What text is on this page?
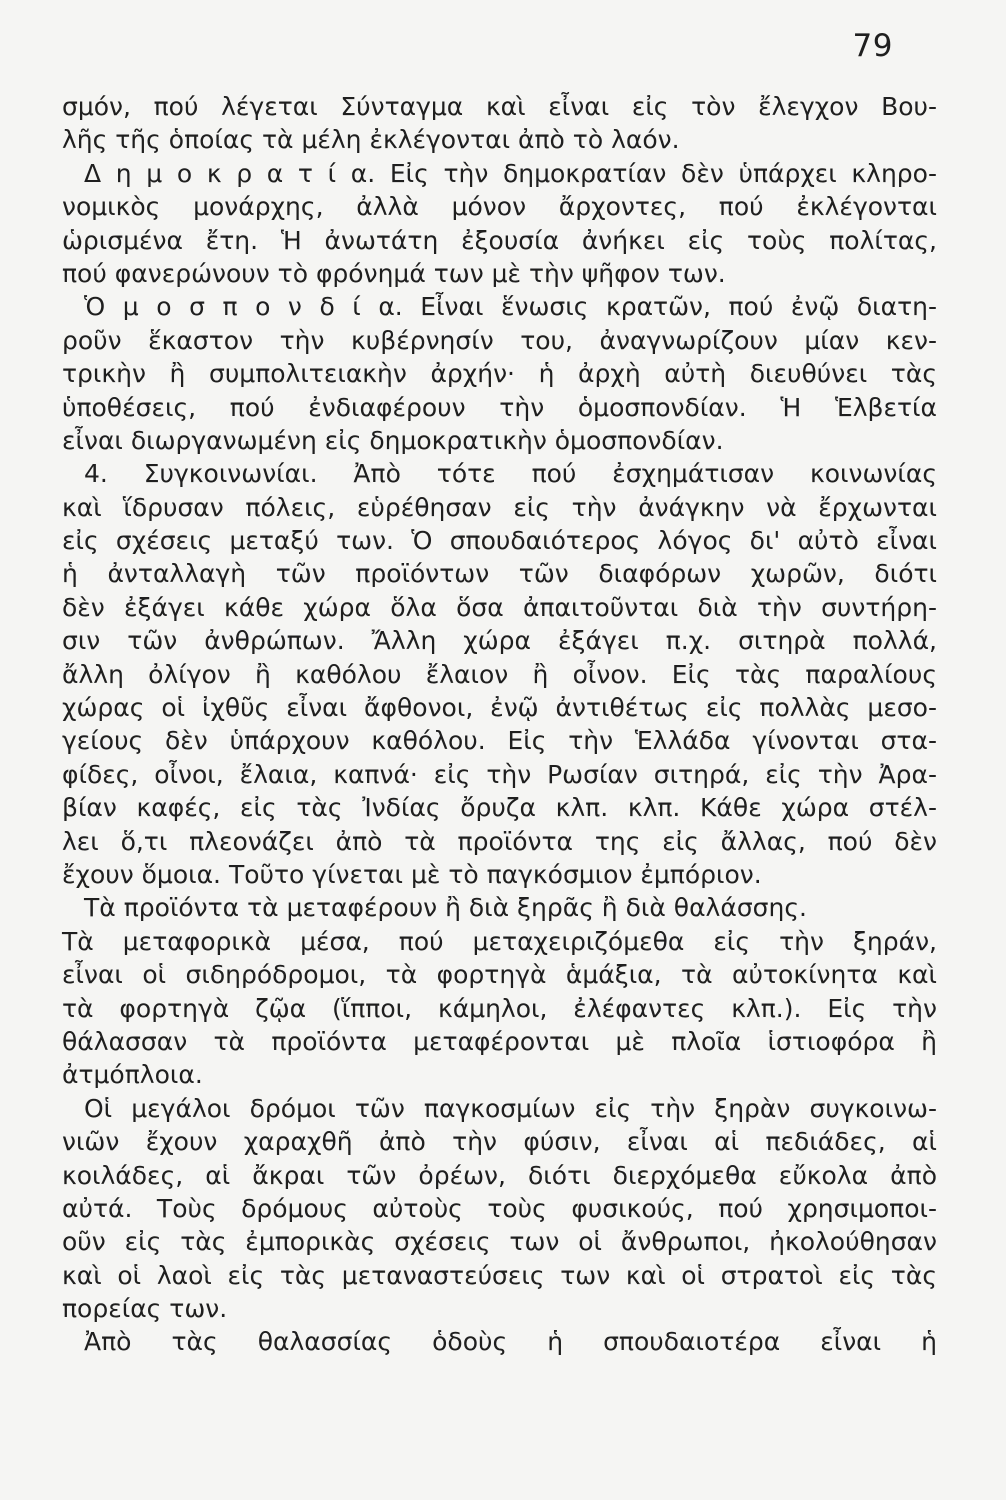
79
σμόν, πού λέγεται Σύνταγμα καὶ εἶναι εἰς τὸν ἔλεγχον Βου-
λῆς τῆς ὁποίας τὰ μέλη ἐκλέγονται ἀπὸ τὸ λαόν.
Δ η μ ο κ ρ α τ ί α. Εἰς τὴν δημοκρατίαν δὲν ὑπάρχει κληρο-
νομικὸς μονάρχης, ἀλλὰ μόνον ἄρχοντες, πού ἐκλέγονται
ὡρισμένα ἔτη. Ἡ ἀνωτάτη ἐξουσία ἀνήκει εἰς τοὺς πολίτας,
πού φανερώνουν τὸ φρόνημά των μὲ τὴν ψῆφον των.
Ὁ μ ο σ π ο ν δ ί α. Εἶναι ἕνωσις κρατῶν, πού ἐνῷ διατη-
ροῦν ἕκαστον τὴν κυβέρνησίν του, ἀναγνωρίζουν μίαν κεν-
τρικὴν ἢ συμπολιτειακὴν ἀρχήν· ἡ ἀρχὴ αὐτὴ διευθύνει τὰς
ὑποθέσεις, πού ἐνδιαφέρουν τὴν ὁμοσπονδίαν. Ἡ Ἑλβετία
εἶναι διωργανωμένη εἰς δημοκρατικὴν ὁμοσπονδίαν.
4. Συγκοινωνίαι. Ἀπὸ τότε πού ἐσχημάτισαν κοινωνίας
καὶ ἵδρυσαν πόλεις, εὑρέθησαν εἰς τὴν ἀνάγκην νὰ ἔρχωνται
εἰς σχέσεις μεταξύ των. Ὁ σπουδαιότερος λόγος δι' αὐτὸ εἶναι
ἡ ἀνταλλαγὴ τῶν προϊόντων τῶν διαφόρων χωρῶν, διότι
δὲν ἐξάγει κάθε χώρα ὅλα ὅσα ἀπαιτοῦνται διὰ τὴν συντήρη-
σιν τῶν ἀνθρώπων. Ἄλλη χώρα ἐξάγει π.χ. σιτηρὰ πολλά,
ἄλλη ὀλίγον ἢ καθόλου ἔλαιον ἢ οἶνον. Εἰς τὰς παραλίους
χώρας οἱ ἰχθῦς εἶναι ἄφθονοι, ἐνῷ ἀντιθέτως εἰς πολλὰς μεσο-
γείους δὲν ὑπάρχουν καθόλου. Εἰς τὴν Ἑλλάδα γίνονται στα-
φίδες, οἶνοι, ἔλαια, καπνά· εἰς τὴν Ρωσίαν σιτηρά, εἰς τὴν Ἀρα-
βίαν καφές, εἰς τὰς Ἰνδίας ὄρυζα κλπ. κλπ. Κάθε χώρα στέλ-
λει ὅ,τι πλεονάζει ἀπὸ τὰ προϊόντα της εἰς ἄλλας, πού δὲν
ἔχουν ὅμοια. Τοῦτο γίνεται μὲ τὸ παγκόσμιον ἐμπόριον.
Τὰ προϊόντα τὰ μεταφέρουν ἢ διὰ ξηρᾶς ἢ διὰ θαλάσσης.
Τὰ μεταφορικὰ μέσα, πού μεταχειριζόμεθα εἰς τὴν ξηράν,
εἶναι οἱ σιδηρόδρομοι, τὰ φορτηγὰ ἁμάξια, τὰ αὐτοκίνητα καὶ
τὰ φορτηγὰ ζῷα (ἵπποι, κάμηλοι, ἐλέφαντες κλπ.). Εἰς τὴν
θάλασσαν τὰ προϊόντα μεταφέρονται μὲ πλοῖα ἱστιοφόρα ἢ
ἀτμόπλοια.
Οἱ μεγάλοι δρόμοι τῶν παγκοσμίων εἰς τὴν ξηρὰν συγκοινω-
νιῶν ἔχουν χαραχθῆ ἀπὸ τὴν φύσιν, εἶναι αἱ πεδιάδες, αἱ
κοιλάδες, αἱ ἄκραι τῶν ὀρέων, διότι διερχόμεθα εὔκολα ἀπὸ
αὐτά. Τοὺς δρόμους αὐτοὺς τοὺς φυσικούς, πού χρησιμοποι-
οῦν εἰς τὰς ἐμπορικὰς σχέσεις των οἱ ἄνθρωποι, ἠκολούθησαν
καὶ οἱ λαοὶ εἰς τὰς μεταναστεύσεις των καὶ οἱ στρατοὶ εἰς τὰς
πορείας των.
Ἀπὸ τὰς θαλασσίας ὁδοὺς ἡ σπουδαιοτέρα εἶναι ἡ
